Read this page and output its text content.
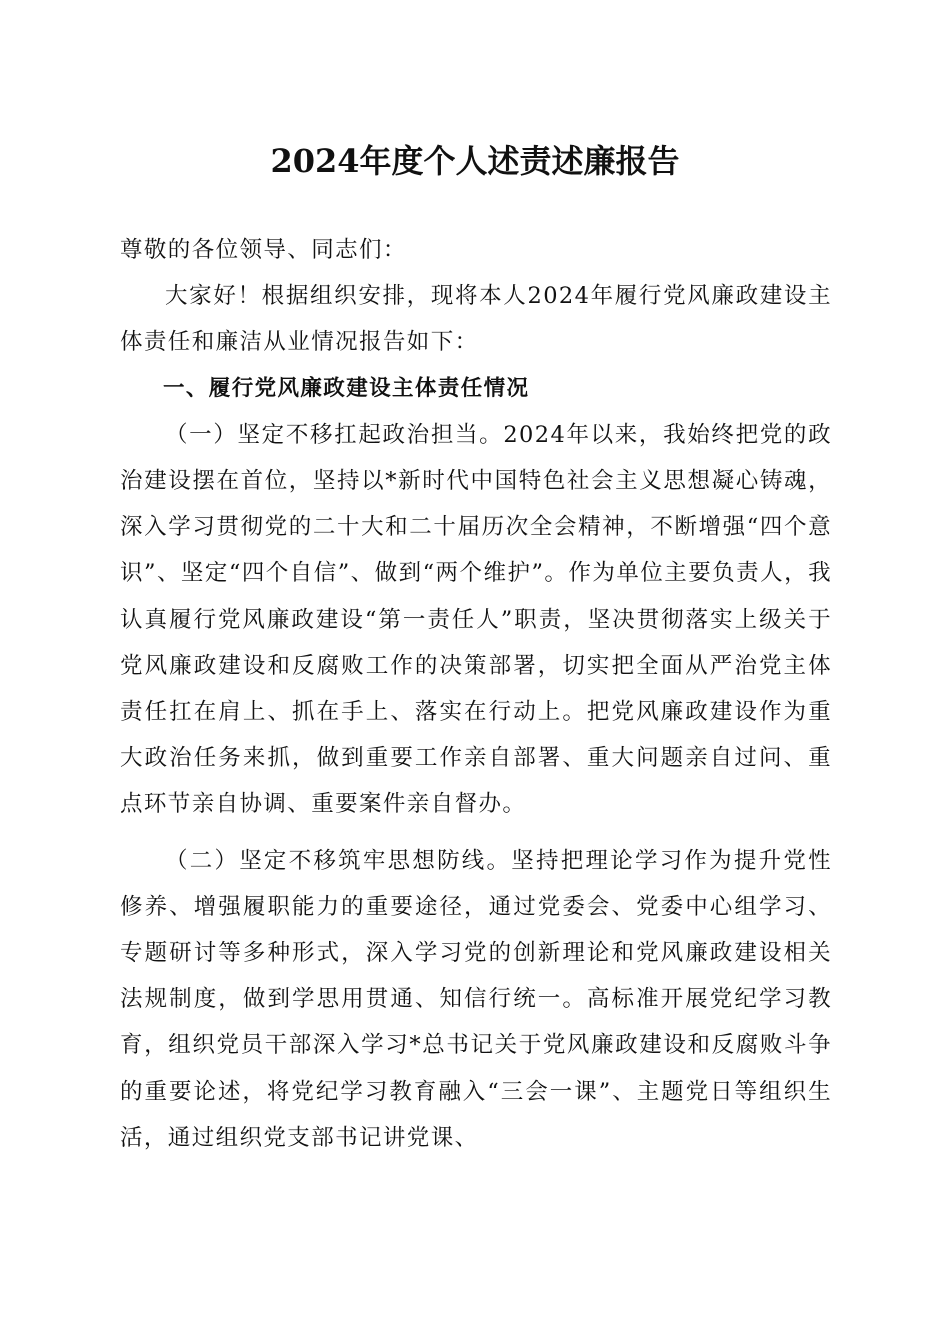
2024年度个人述责述廉报告

尊敬的各位领导、同志们：

大家好！根据组织安排，现将本人2024年履行党风廉政建设主体责任和廉洁从业情况报告如下：

一、履行党风廉政建设主体责任情况

（一）坚定不移扛起政治担当。2024年以来，我始终把党的政治建设摆在首位，坚持以*新时代中国特色社会主义思想凝心铸魂，深入学习贯彻党的二十大和二十届历次全会精神，不断增强“四个意识”、坚定“四个自信”、做到“两个维护”。作为单位主要负责人，我认真履行党风廉政建设“第一责任人”职责，坚决贯彻落实上级关于党风廉政建设和反腐败工作的决策部署，切实把全面从严治党主体责任扛在肩上、抓在手上、落实在行动上。把党风廉政建设作为重大政治任务来抓，做到重要工作亲自部署、重大问题亲自过问、重点环节亲自协调、重要案件亲自督办。

（二）坚定不移筑牢思想防线。坚持把理论学习作为提升党性修养、增强履职能力的重要途径，通过党委会、党委中心组学习、专题研讨等多种形式，深入学习党的创新理论和党风廉政建设相关法规制度，做到学思用贯通、知信行统一。高标准开展党纪学习教育，组织党员干部深入学习*总书记关于党风廉政建设和反腐败斗争的重要论述，将党纪学习教育融入“三会一课”、主题党日等组织生活，通过组织党支部书记讲党课、
